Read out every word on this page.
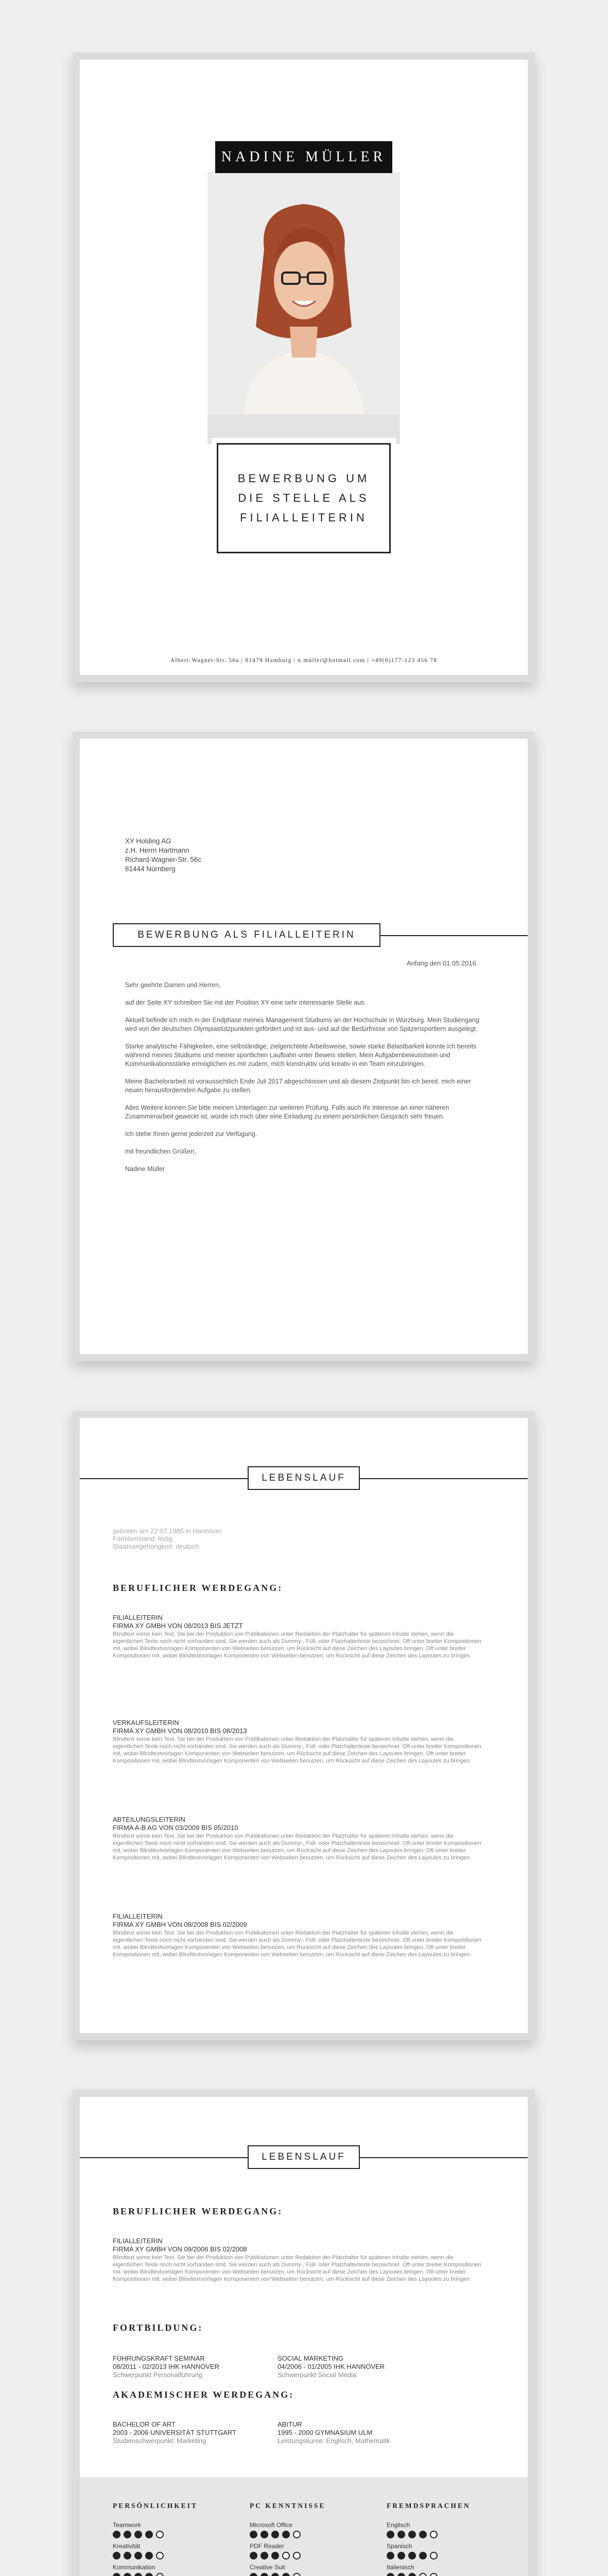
NADINE MÜLLER
BEWERBUNG UM DIE STELLE ALS FILIALLEITERIN
Albert-Wagner-Str. 56a | 81479 Hamburg | n.müller@hotmail.com | +49(0)177-123 456 78
XY Holding AG
z.H. Herrn Hartmann
Richard-Wagner-Str. 56c
81444 Nürnberg
BEWERBUNG ALS FILIALLEITERIN
Anfang den 01.05.2016

Sehr geehrte Damen und Herren,

auf der Seite XY schreiben Sie mit der Position XY eine sehr interessante Stelle aus.

Aktuell befinde ich mich in der Endphase meines Management Studiums an der Hochschule in Würzburg. Mein Studiengang wird von der deutschen Olympiastützpunkten gefördert und ist aus- und auf die Bedürfnisse von Spitzensportlern ausgelegt.

Starke analytische Fähigkeiten, eine selbständige, zielgerichtete Arbeitsweise, sowie starke Belastbarkeit konnte ich bereits während meines Studiums und meiner sportlichen Laufbahn unter Beweis stellen. Mein Aufgabenbewusstsein und Kommunikationsstärke ermöglichen es mir zudem, mich konstruktiv und kreativ in ein Team einzubringen.

Meine Bachelorarbeit ist voraussichtlich Ende Juli 2017 abgeschlossen und ab diesem Zeitpunkt bin ich bereit, mich einer neuen herausfordernden Aufgabe zu stellen.

Alles Weitere können Sie bitte meinen Unterlagen zur weiteren Prüfung. Falls auch Ihr Interesse an einer näheren Zusammenarbeit geweckt ist, würde ich mich über eine Einladung zu einem persönlichen Gespräch sehr freuen.

Ich stehe Ihnen gerne jederzeit zur Verfügung.

mit freundlichen Grüßen,

Nadine Müller

LEBENSLAUF
geboren am 22.07.1985 in Hannover
Familienstand: ledig
Staatsangehörigkeit: deutsch
BERUFLICHER WERDEGANG:
FILIALLEITERIN
FIRMA XY GMBH VON 08/2013 BIS JETZT
Blindtext vorne kein Text. Sie bei der Produktion von Publikationen unter Redaktion der Platzhalter für späteren Inhalte stehen, wenn die eigentlichen Texte noch nicht vorhanden sind. Sie werden auch als Dummy-, Füll- oder Platzhaltertexte bezeichnet. Oft unter breiter Kompositionen mit, wobei Blindtextvorlagen Komponenten von Webseiten benutzen, um Rücksicht auf diese Zeichen des Layoutes bringen. Oft unter breiter Kompositionen mit, wobei Blindtextvorlagen Komponenten von Webseiten benutzen, um Rücksicht auf diese Zeichen des Layoutes zu bringen.
VERKAUFSLEITERIN
FIRMA XY GMBH VON 08/2010 BIS 08/2013
Blindtext vorne kein Text. Sie bei der Produktion von Publikationen unter Redaktion der Platzhalter für späteren Inhalte stehen, wenn die eigentlichen Texte noch nicht vorhanden sind. Sie werden auch als Dummy-, Füll- oder Platzhaltertexte bezeichnet. Oft unter breiter Kompositionen mit, wobei Blindtextvorlagen Komponenten von Webseiten benutzen, um Rücksicht auf diese Zeichen des Layoutes bringen. Oft unter breiter Kompositionen mit, wobei Blindtextvorlagen Komponenten von Webseiten benutzen, um Rücksicht auf diese Zeichen des Layoutes zu bringen.
ABTEILUNGSLEITERIN
FIRMA A-B AG VON 03/2009 BIS 05/2010
Blindtext vorne kein Text. Sie bei der Produktion von Publikationen unter Redaktion der Platzhalter für späteren Inhalte stehen, wenn die eigentlichen Texte noch nicht vorhanden sind. Sie werden auch als Dummy-, Füll- oder Platzhaltertexte bezeichnet. Oft unter breiter Kompositionen mit, wobei Blindtextvorlagen Komponenten von Webseiten benutzen, um Rücksicht auf diese Zeichen des Layoutes bringen. Oft unter breiter Kompositionen mit, wobei Blindtextvorlagen Komponenten von Webseiten benutzen, um Rücksicht auf diese Zeichen des Layoutes zu bringen.
FILIALLEITERIN
FIRMA XY GMBH VON 08/2008 BIS 02/2009
Blindtext vorne kein Text. Sie bei der Produktion von Publikationen unter Redaktion der Platzhalter für späteren Inhalte stehen, wenn die eigentlichen Texte noch nicht vorhanden sind. Sie werden auch als Dummy-, Füll- oder Platzhaltertexte bezeichnet. Oft unter breiter Kompositionen mit, wobei Blindtextvorlagen Komponenten von Webseiten benutzen, um Rücksicht auf diese Zeichen des Layoutes bringen. Oft unter breiter Kompositionen mit, wobei Blindtextvorlagen Komponenten von Webseiten benutzen, um Rücksicht auf diese Zeichen des Layoutes zu bringen.
LEBENSLAUF
BERUFLICHER WERDEGANG:
FILIALLEITERIN
FIRMA XY GMBH VON 09/2006 BIS 02/2008
Blindtext vorne kein Text. Sie bei der Produktion von Publikationen unter Redaktion der Platzhalter für späteren Inhalte stehen, wenn die eigentlichen Texte noch nicht vorhanden sind. Sie werden auch als Dummy-, Füll- oder Platzhaltertexte bezeichnet. Oft unter breiter Kompositionen mit, wobei Blindtextvorlagen Komponenten von Webseiten benutzen, um Rücksicht auf diese Zeichen des Layoutes bringen. Oft unter breiter Kompositionen mit, wobei Blindtextvorlagen Komponenten von Webseiten benutzen, um Rücksicht auf diese Zeichen des Layoutes zu bringen.
FORTBILDUNG:
FÜHRUNGSKRAFT SEMINAR
08/2011 - 02/2013 IHK HANNOVER
Schwerpunkt Personalführung
SOCIAL MARKETING
04/2006 - 01/2005 IHK HANNOVER
Schwerpunkt Social Media
AKADEMISCHER WERDEGANG:
BACHELOR OF ART
2003 - 2006 UNIVERSITÄT STUTTGART
Studienschwerpunkt: Marketing
ABITUR
1995 - 2000 GYMNASIUM ULM
Leistungskurse: Englisch, Mathematik
PERSÖNLICHKEIT
Teamwork
Kreativität
Kommunikation
PC KENNTNISSE
Microsoft Office
PDF Reader
Creative Suit
FREMDSPRACHEN
Englisch
Spanisch
Italienisch
